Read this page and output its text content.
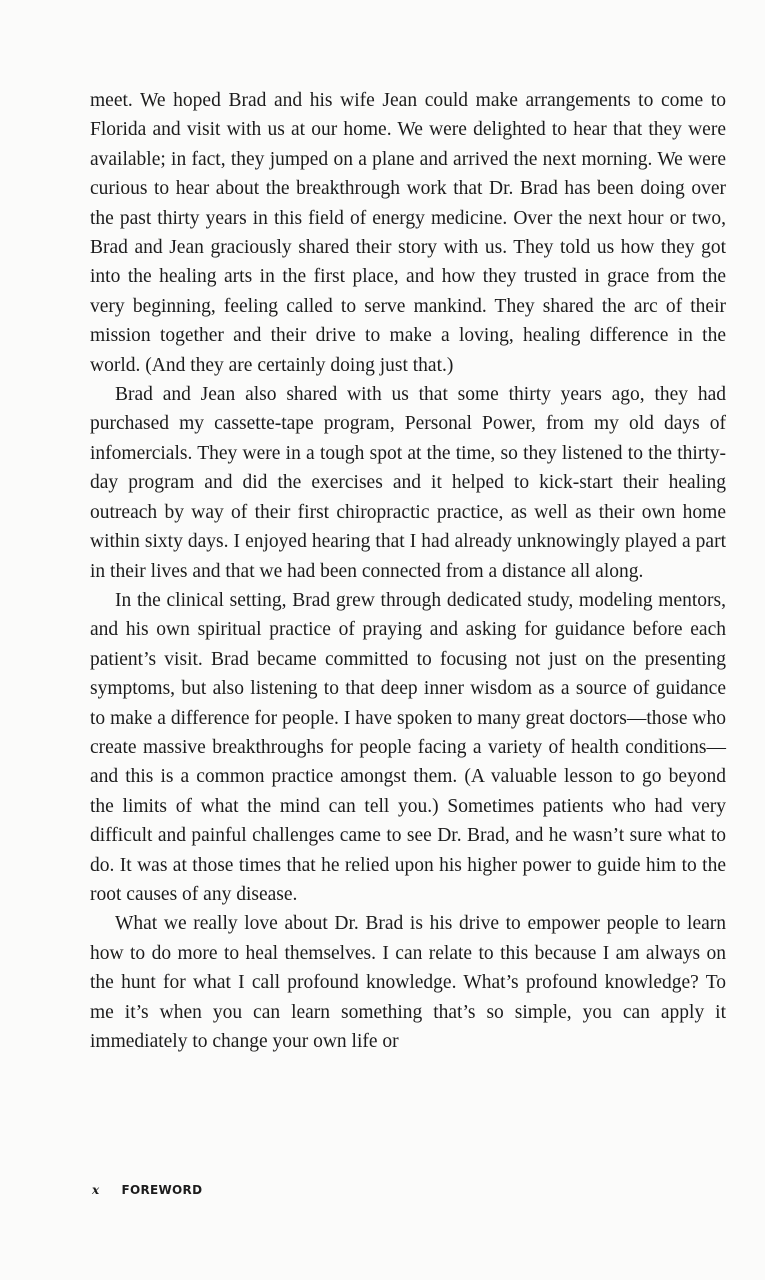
meet. We hoped Brad and his wife Jean could make arrangements to come to Florida and visit with us at our home. We were delighted to hear that they were available; in fact, they jumped on a plane and arrived the next morning. We were curious to hear about the breakthrough work that Dr. Brad has been doing over the past thirty years in this field of energy medicine. Over the next hour or two, Brad and Jean graciously shared their story with us. They told us how they got into the healing arts in the first place, and how they trusted in grace from the very beginning, feeling called to serve mankind. They shared the arc of their mission together and their drive to make a loving, healing difference in the world. (And they are certainly doing just that.)

Brad and Jean also shared with us that some thirty years ago, they had purchased my cassette-tape program, Personal Power, from my old days of infomercials. They were in a tough spot at the time, so they listened to the thirty-day program and did the exercises and it helped to kick-start their healing outreach by way of their first chiropractic practice, as well as their own home within sixty days. I enjoyed hearing that I had already unknowingly played a part in their lives and that we had been connected from a distance all along.

In the clinical setting, Brad grew through dedicated study, modeling mentors, and his own spiritual practice of praying and asking for guidance before each patient’s visit. Brad became committed to focusing not just on the presenting symptoms, but also listening to that deep inner wisdom as a source of guidance to make a difference for people. I have spoken to many great doctors—those who create massive breakthroughs for people facing a variety of health conditions—and this is a common practice amongst them. (A valuable lesson to go beyond the limits of what the mind can tell you.) Sometimes patients who had very difficult and painful challenges came to see Dr. Brad, and he wasn’t sure what to do. It was at those times that he relied upon his higher power to guide him to the root causes of any disease.

What we really love about Dr. Brad is his drive to empower people to learn how to do more to heal themselves. I can relate to this because I am always on the hunt for what I call profound knowledge. What’s profound knowledge? To me it’s when you can learn something that’s so simple, you can apply it immediately to change your own life or

x FOREWORD
